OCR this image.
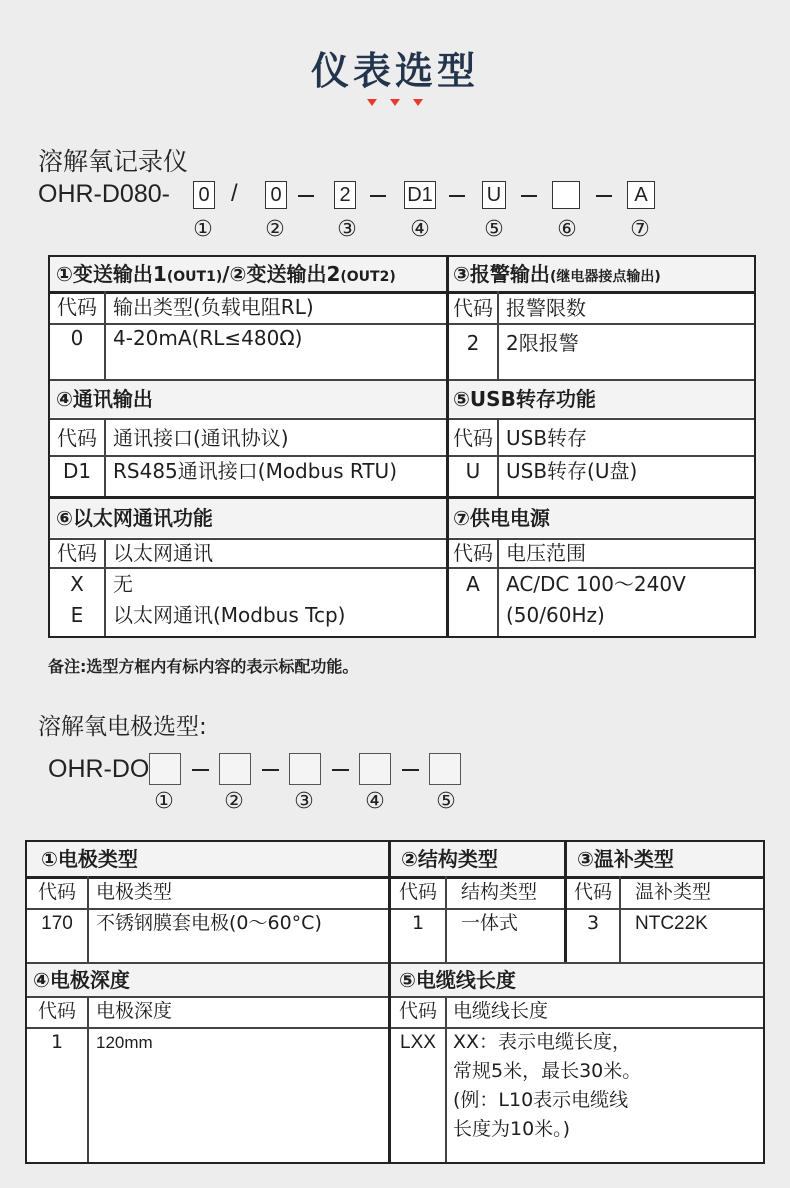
仪表选型
溶解氧记录仪
OHR-D080- 0 / 0	2	D1	U	A
①	②	③	④	⑤	⑥	⑦
①变送输出1(OUT1)/②变送输出2(OUT2)	③报警输出(继电器接点输出)
代码 输出类型(负载电阻RL)	代码 报警限数
0	4-20mA(RL≤480Ω)	2	2限报警
④通讯输出	⑤USB转存功能
代码 通讯接口(通讯协议)	代码 USB转存
D1	RS485通讯接口(Modbus RTU)	U	USB转存(U盘)
⑥以太网通讯功能	⑦供电电源
代码 以太网通讯	代码 电压范围
X	无
E	以太网通讯(Modbus Tcp)
A	AC/DC 100～240V
(50/60Hz)
备注:选型方框内有标内容的表示标配功能。
溶解氧电极选型:
OHR-DO
①	②	③	④	⑤
①电极类型	②结构类型	③温补类型
代码	电极类型	代码	结构类型	代码	温补类型
170	不锈钢膜套电极(0～60°C)	1	一体式	3	NTC22K
④电极深度	⑤电缆线长度
代码	电极深度	代码 电缆线长度
1	120mm	LXX XX：表示电缆长度，
常规5米，最长30米。
(例：L10表示电缆线
长度为10米。)
